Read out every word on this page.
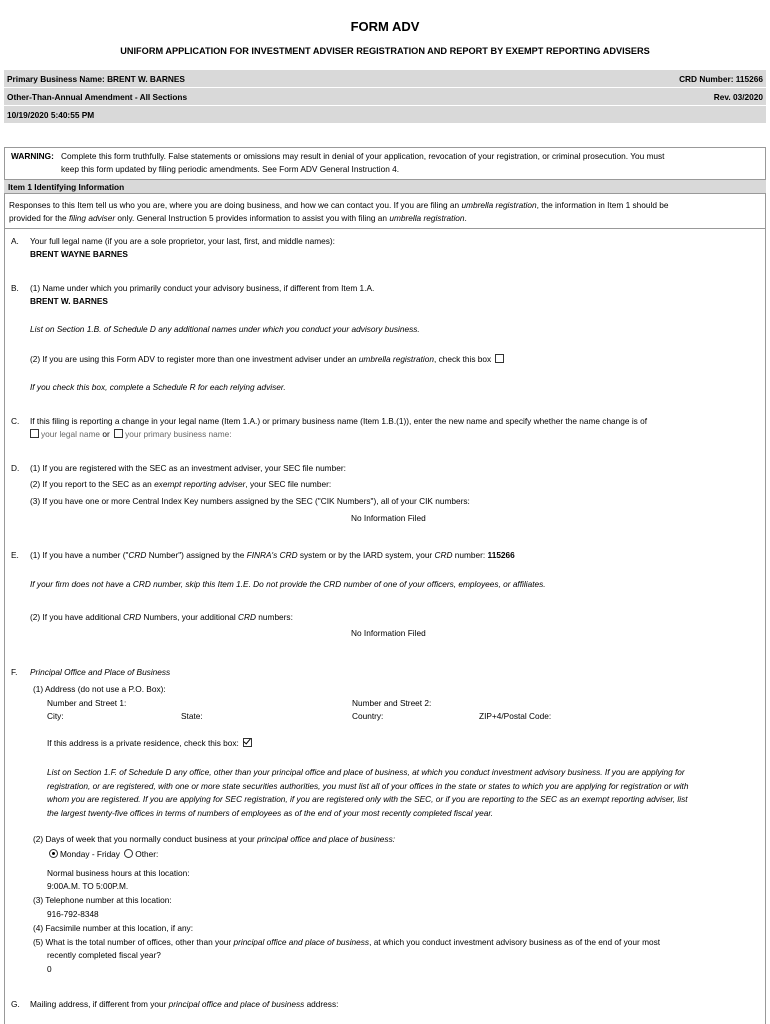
FORM ADV
UNIFORM APPLICATION FOR INVESTMENT ADVISER REGISTRATION AND REPORT BY EXEMPT REPORTING ADVISERS
Primary Business Name: BRENT W. BARNES	CRD Number: 115266
Other-Than-Annual Amendment - All Sections	Rev. 03/2020
10/19/2020 5:40:55 PM
WARNING: Complete this form truthfully. False statements or omissions may result in denial of your application, revocation of your registration, or criminal prosecution. You must
keep this form updated by filing periodic amendments. See Form ADV General Instruction 4.
Item 1 Identifying Information
Responses to this Item tell us who you are, where you are doing business, and how we can contact you. If you are filing an umbrella registration, the information in Item 1 should be
provided for the filing adviser only. General Instruction 5 provides information to assist you with filing an umbrella registration.
A. Your full legal name (if you are a sole proprietor, your last, first, and middle names):
BRENT WAYNE BARNES
B. (1) Name under which you primarily conduct your advisory business, if different from Item 1.A.
BRENT W. BARNES
List on Section 1.B. of Schedule D any additional names under which you conduct your advisory business.
(2) If you are using this Form ADV to register more than one investment adviser under an umbrella registration, check this box
If you check this box, complete a Schedule R for each relying adviser.
C. If this filing is reporting a change in your legal name (Item 1.A.) or primary business name (Item 1.B.(1)), enter the new name and specify whether the name change is of
your legal name or your primary business name:
D. (1) If you are registered with the SEC as an investment adviser, your SEC file number:
(2) If you report to the SEC as an exempt reporting adviser, your SEC file number:
(3) If you have one or more Central Index Key numbers assigned by the SEC ("CIK Numbers"), all of your CIK numbers:
No Information Filed
E. (1) If you have a number ("CRD Number") assigned by the FINRA's CRD system or by the IARD system, your CRD number: 115266
If your firm does not have a CRD number, skip this Item 1.E. Do not provide the CRD number of one of your officers, employees, or affiliates.
(2) If you have additional CRD Numbers, your additional CRD numbers:
No Information Filed
F. Principal Office and Place of Business
(1) Address (do not use a P.O. Box):
Number and Street 1:	Number and Street 2:
City:	State:	Country:	ZIP+4/Postal Code:
If this address is a private residence, check this box:
List on Section 1.F. of Schedule D any office, other than your principal office and place of business, at which you conduct investment advisory business. If you are applying for
registration, or are registered, with one or more state securities authorities, you must list all of your offices in the state or states to which you are applying for registration or with
whom you are registered. If you are applying for SEC registration, if you are registered only with the SEC, or if you are reporting to the SEC as an exempt reporting adviser, list
the largest twenty-five offices in terms of numbers of employees as of the end of your most recently completed fiscal year.
(2) Days of week that you normally conduct business at your principal office and place of business:
Monday - Friday Other:
Normal business hours at this location:
9:00A.M. TO 5:00P.M.
(3) Telephone number at this location:
916-792-8348
(4) Facsimile number at this location, if any:
(5) What is the total number of offices, other than your principal office and place of business, at which you conduct investment advisory business as of the end of your most
recently completed fiscal year?
0
G. Mailing address, if different from your principal office and place of business address:
